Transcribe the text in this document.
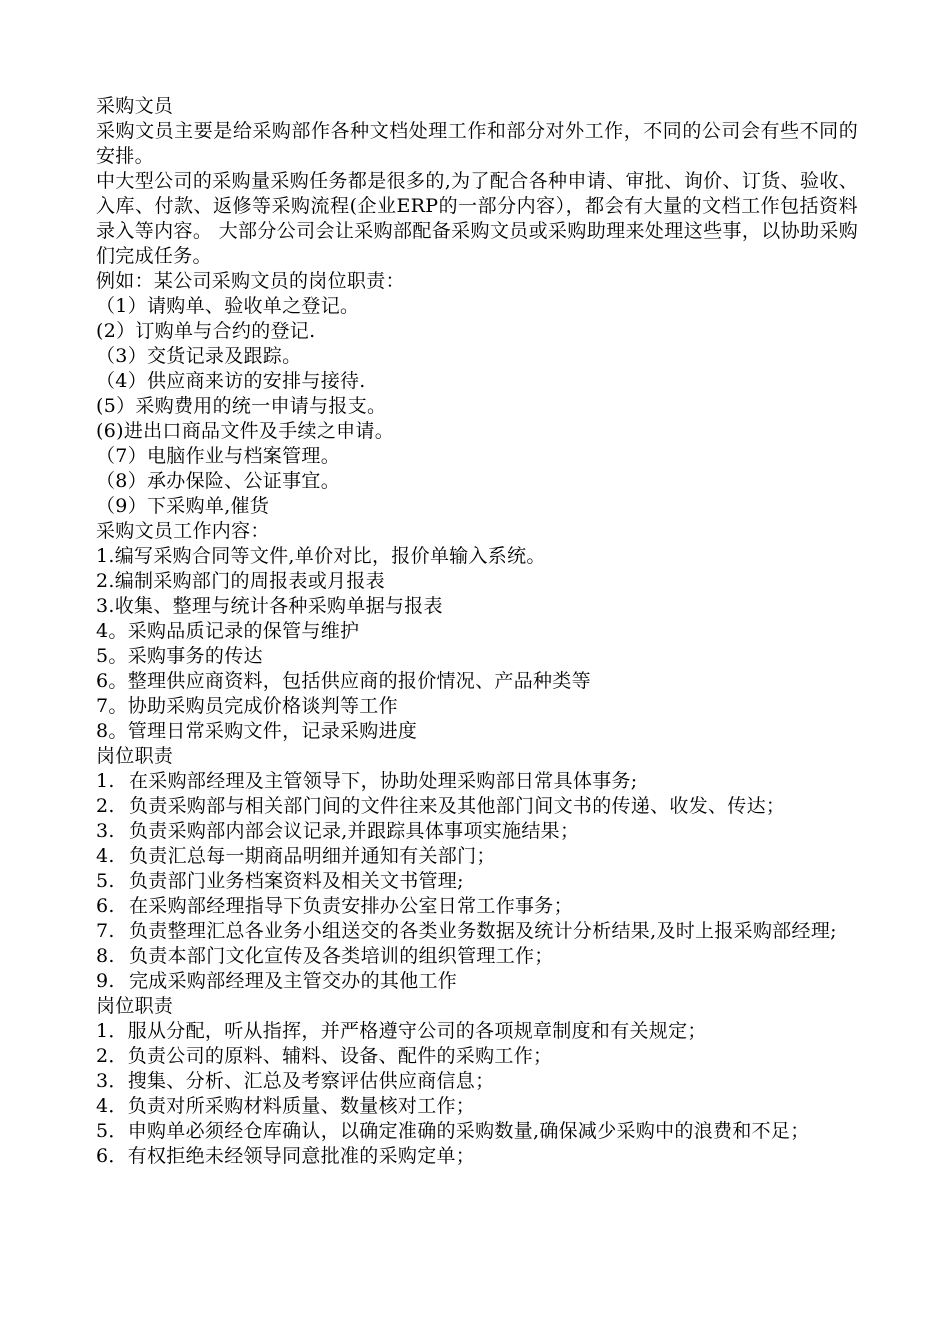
采购文员
采购文员主要是给采购部作各种文档处理工作和部分对外工作，不同的公司会有些不同的安排。
中大型公司的采购量采购任务都是很多的,为了配合各种申请、审批、询价、订货、验收、入库、付款、返修等采购流程(企业ERP的一部分内容），都会有大量的文档工作包括资料录入等内容。 大部分公司会让采购部配备采购文员或采购助理来处理这些事，以协助采购们完成任务。
例如：某公司采购文员的岗位职责：
（1）请购单、验收单之登记。
(2）订购单与合约的登记.
（3）交货记录及跟踪。
（4）供应商来访的安排与接待.
(5）采购费用的统一申请与报支。
(6)进出口商品文件及手续之申请。
（7）电脑作业与档案管理。
（8）承办保险、公证事宜。
（9）下采购单,催货
采购文员工作内容：
1.编写采购合同等文件,单价对比，报价单输入系统。
2.编制采购部门的周报表或月报表
3.收集、整理与统计各种采购单据与报表
4。采购品质记录的保管与维护
5。采购事务的传达
6。整理供应商资料，包括供应商的报价情况、产品种类等
7。协助采购员完成价格谈判等工作
8。管理日常采购文件，记录采购进度
岗位职责
1. 在采购部经理及主管领导下，协助处理采购部日常具体事务;
2. 负责采购部与相关部门间的文件往来及其他部门间文书的传递、收发、传达；
3. 负责采购部内部会议记录,并跟踪具体事项实施结果；
4. 负责汇总每一期商品明细并通知有关部门；
5. 负责部门业务档案资料及相关文书管理;
6. 在采购部经理指导下负责安排办公室日常工作事务；
7. 负责整理汇总各业务小组送交的各类业务数据及统计分析结果,及时上报采购部经理;
8. 负责本部门文化宣传及各类培训的组织管理工作；
9. 完成采购部经理及主管交办的其他工作
岗位职责
1．服从分配，听从指挥，并严格遵守公司的各项规章制度和有关规定；
2．负责公司的原料、辅料、设备、配件的采购工作；
3．搜集、分析、汇总及考察评估供应商信息；
4．负责对所采购材料质量、数量核对工作；
5．申购单必须经仓库确认，以确定准确的采购数量,确保减少采购中的浪费和不足；
6．有权拒绝未经领导同意批准的采购定单；
